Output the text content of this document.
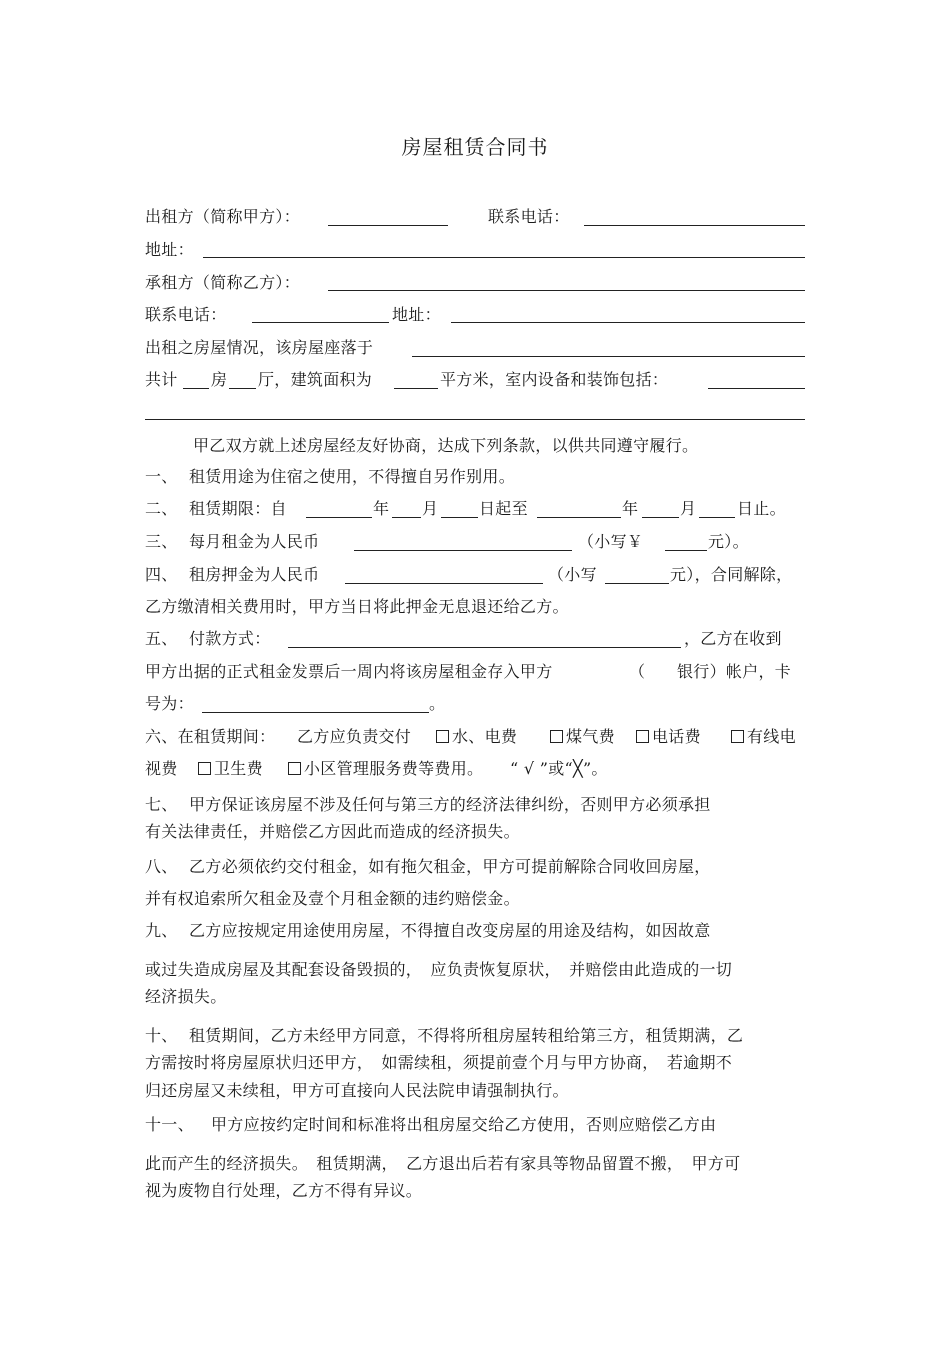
房屋租赁合同书
出租方（简称甲方）：	联系电话：
地址：
承租方（简称乙方）：
联系电话：	地址：
出租之房屋情况，该房屋座落于
共计 房 厅，建筑面积为	平方米，室内设备和装饰包括：
甲乙双方就上述房屋经友好协商，达成下列条款，以供共同遵守履行。
一、 租赁用途为住宿之使用，不得擅自另作别用。
二、 租赁期限：自	年 月	日起至	年	月	日止。
三、 每月租金为人民币	（小写￥	元）。
四、 租房押金为人民币	（小写	元），合同解除，
乙方缴清相关费用时，甲方当日将此押金无息退还给乙方。
五、 付款方式：	，乙方在收到
甲方出据的正式租金发票后一周内将该房屋租金存入甲方	（ 银行）帐户，卡
号为：	。
六、在租赁期间： 乙方应负责交付	水、电费	煤气费	电话费	有线电
视费	卫生费	小区管理服务费等费用。 “ √ ”或“╳”。
七、 甲方保证该房屋不涉及任何与第三方的经济法律纠纷，否则甲方必须承担
有关法律责任，并赔偿乙方因此而造成的经济损失。
八、 乙方必须依约交付租金，如有拖欠租金，甲方可提前解除合同收回房屋，
并有权追索所欠租金及壹个月租金额的违约赔偿金。
九、 乙方应按规定用途使用房屋，不得擅自改变房屋的用途及结构，如因故意
或过失造成房屋及其配套设备毁损的，　应负责恢复原状，　并赔偿由此造成的一切
经济损失。
十、 租赁期间，乙方未经甲方同意，不得将所租房屋转租给第三方，租赁期满，乙
方需按时将房屋原状归还甲方，　如需续租，须提前壹个月与甲方协商，　若逾期不
归还房屋又未续租，甲方可直接向人民法院申请强制执行。
十一、 甲方应按约定时间和标准将出租房屋交给乙方使用，否则应赔偿乙方由
此而产生的经济损失。　租赁期满，　乙方退出后若有家具等物品留置不搬，　甲方可
视为废物自行处理，乙方不得有异议。
